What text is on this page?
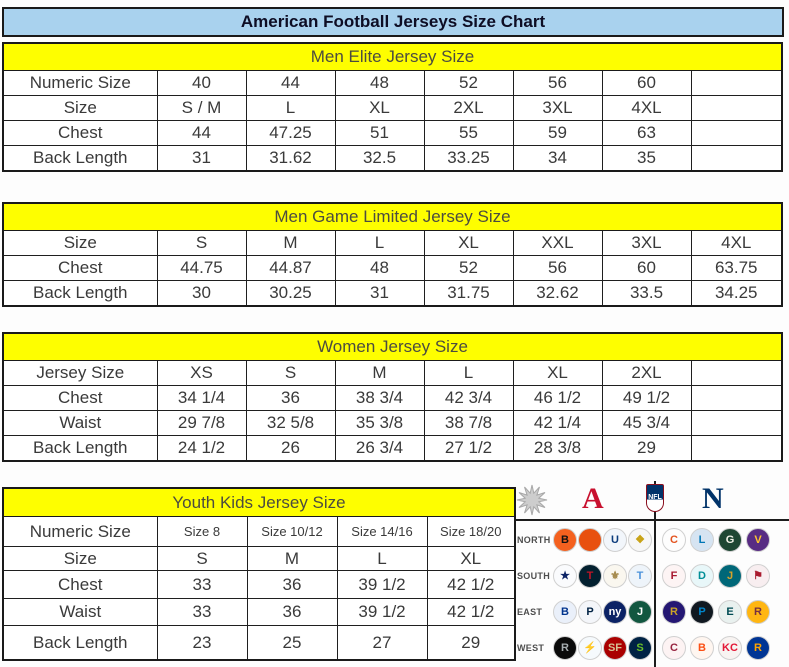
American Football Jerseys Size Chart
Men Elite Jersey Size							
Numeric Size	40	44	48	52	56	60	
Size	S / M	L	XL	2XL	3XL	4XL	
Chest	44	47.25	51	55	59	63	
Back Length	31	31.62	32.5	33.25	34	35	
Men Game Limited Jersey Size							
Size	S	M	L	XL	XXL	3XL	4XL
Chest	44.75	44.87	48	52	56	60	63.75
Back Length	30	30.25	31	31.75	32.62	33.5	34.25
Women Jersey Size							
Jersey Size	XS	S	M	L	XL	2XL	
Chest	34 1/4	36	38 3/4	42 3/4	46 1/2	49 1/2	
Waist	29 7/8	32 5/8	35 3/8	38 7/8	42 1/4	45 3/4	
Back Length	24 1/2	26	26 3/4	27 1/2	28 3/8	29	
Youth Kids Jersey Size				
Numeric Size	Size 8	Size 10/12	Size 14/16	Size 18/20
Size	S	M	L	XL
Chest	33	36	39 1/2	42 1/2
Waist	33	36	39 1/2	42 1/2
Back Length	23	25	27	29
A	NFL N
NORTH B	U	❖	C	L	G	V
SOUTH ★	T	⚜	T	F	D	J	⚑
EAST	B	P	ny	J	R	P	E	R
WEST	R	⚡	SF	S	C	B	KC	R
